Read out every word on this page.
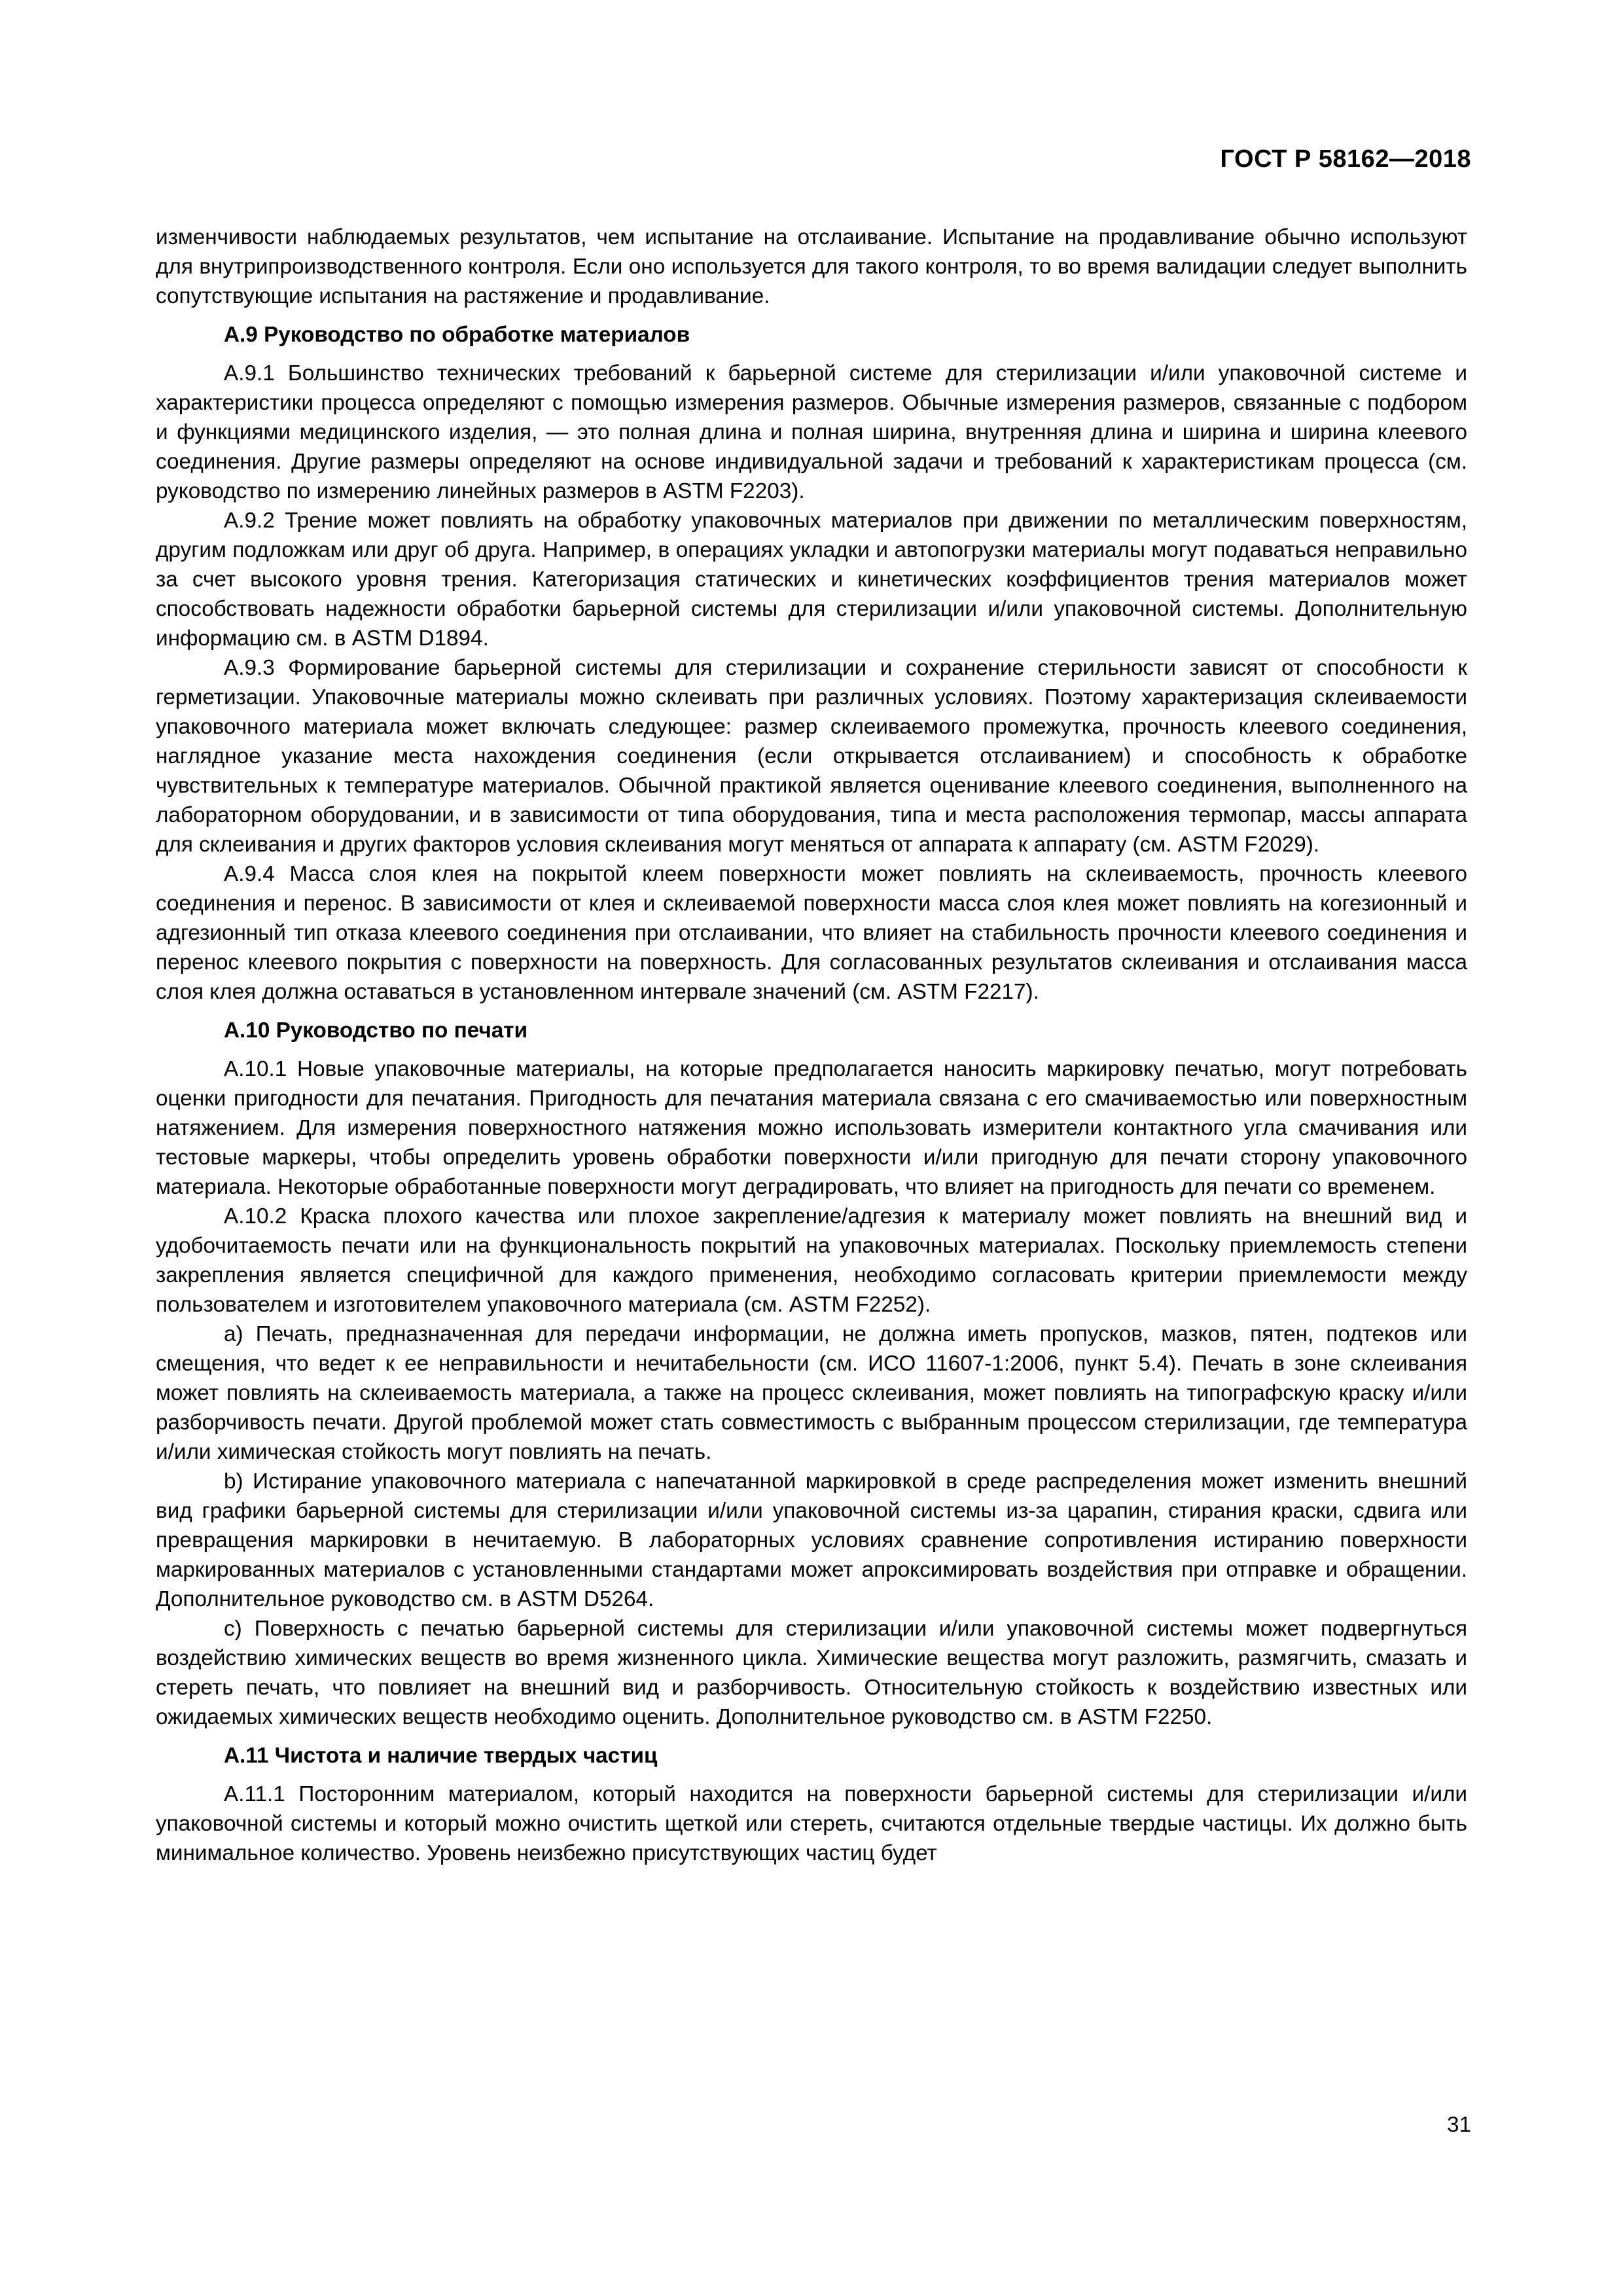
ГОСТ Р 58162—2018

изменчивости наблюдаемых результатов, чем испытание на отслаивание. Испытание на продавливание обычно используют для внутрипроизводственного контроля. Если оно используется для такого контроля, то во время валидации следует выполнить сопутствующие испытания на растяжение и продавливание.

А.9 Руководство по обработке материалов

А.9.1 Большинство технических требований к барьерной системе для стерилизации и/или упаковочной системе и характеристики процесса определяют с помощью измерения размеров. Обычные измерения размеров, связанные с подбором и функциями медицинского изделия, — это полная длина и полная ширина, внутренняя длина и ширина и ширина клеевого соединения. Другие размеры определяют на основе индивидуальной задачи и требований к характеристикам процесса (см. руководство по измерению линейных размеров в ASTM F2203).

А.9.2 Трение может повлиять на обработку упаковочных материалов при движении по металлическим поверхностям, другим подложкам или друг об друга. Например, в операциях укладки и автопогрузки материалы могут подаваться неправильно за счет высокого уровня трения. Категоризация статических и кинетических коэффициентов трения материалов может способствовать надежности обработки барьерной системы для стерилизации и/или упаковочной системы. Дополнительную информацию см. в ASTM D1894.

А.9.3 Формирование барьерной системы для стерилизации и сохранение стерильности зависят от способности к герметизации. Упаковочные материалы можно склеивать при различных условиях. Поэтому характеризация склеиваемости упаковочного материала может включать следующее: размер склеиваемого промежутка, прочность клеевого соединения, наглядное указание места нахождения соединения (если открывается отслаиванием) и способность к обработке чувствительных к температуре материалов. Обычной практикой является оценивание клеевого соединения, выполненного на лабораторном оборудовании, и в зависимости от типа оборудования, типа и места расположения термопар, массы аппарата для склеивания и других факторов условия склеивания могут меняться от аппарата к аппарату (см. ASTM F2029).

А.9.4 Масса слоя клея на покрытой клеем поверхности может повлиять на склеиваемость, прочность клеевого соединения и перенос. В зависимости от клея и склеиваемой поверхности масса слоя клея может повлиять на когезионный и адгезионный тип отказа клеевого соединения при отслаивании, что влияет на стабильность прочности клеевого соединения и перенос клеевого покрытия с поверхности на поверхность. Для согласованных результатов склеивания и отслаивания масса слоя клея должна оставаться в установленном интервале значений (см. ASTM F2217).

А.10 Руководство по печати

А.10.1 Новые упаковочные материалы, на которые предполагается наносить маркировку печатью, могут потребовать оценки пригодности для печатания. Пригодность для печатания материала связана с его смачиваемостью или поверхностным натяжением. Для измерения поверхностного натяжения можно использовать измерители контактного угла смачивания или тестовые маркеры, чтобы определить уровень обработки поверхности и/или пригодную для печати сторону упаковочного материала. Некоторые обработанные поверхности могут деградировать, что влияет на пригодность для печати со временем.

А.10.2 Краска плохого качества или плохое закрепление/адгезия к материалу может повлиять на внешний вид и удобочитаемость печати или на функциональность покрытий на упаковочных материалах. Поскольку приемлемость степени закрепления является специфичной для каждого применения, необходимо согласовать критерии приемлемости между пользователем и изготовителем упаковочного материала (см. ASTM F2252).

a) Печать, предназначенная для передачи информации, не должна иметь пропусков, мазков, пятен, подтеков или смещения, что ведет к ее неправильности и нечитабельности (см. ИСО 11607-1:2006, пункт 5.4). Печать в зоне склеивания может повлиять на склеиваемость материала, а также на процесс склеивания, может повлиять на типографскую краску и/или разборчивость печати. Другой проблемой может стать совместимость с выбранным процессом стерилизации, где температура и/или химическая стойкость могут повлиять на печать.

b) Истирание упаковочного материала с напечатанной маркировкой в среде распределения может изменить внешний вид графики барьерной системы для стерилизации и/или упаковочной системы из-за царапин, стирания краски, сдвига или превращения маркировки в нечитаемую. В лабораторных условиях сравнение сопротивления истиранию поверхности маркированных материалов с установленными стандартами может апроксимировать воздействия при отправке и обращении. Дополнительное руководство см. в ASTM D5264.

c) Поверхность с печатью барьерной системы для стерилизации и/или упаковочной системы может подвергнуться воздействию химических веществ во время жизненного цикла. Химические вещества могут разложить, размягчить, смазать и стереть печать, что повлияет на внешний вид и разборчивость. Относительную стойкость к воздействию известных или ожидаемых химических веществ необходимо оценить. Дополнительное руководство см. в ASTM F2250.

А.11 Чистота и наличие твердых частиц

А.11.1 Посторонним материалом, который находится на поверхности барьерной системы для стерилизации и/или упаковочной системы и который можно очистить щеткой или стереть, считаются отдельные твердые частицы. Их должно быть минимальное количество. Уровень неизбежно присутствующих частиц будет

31
